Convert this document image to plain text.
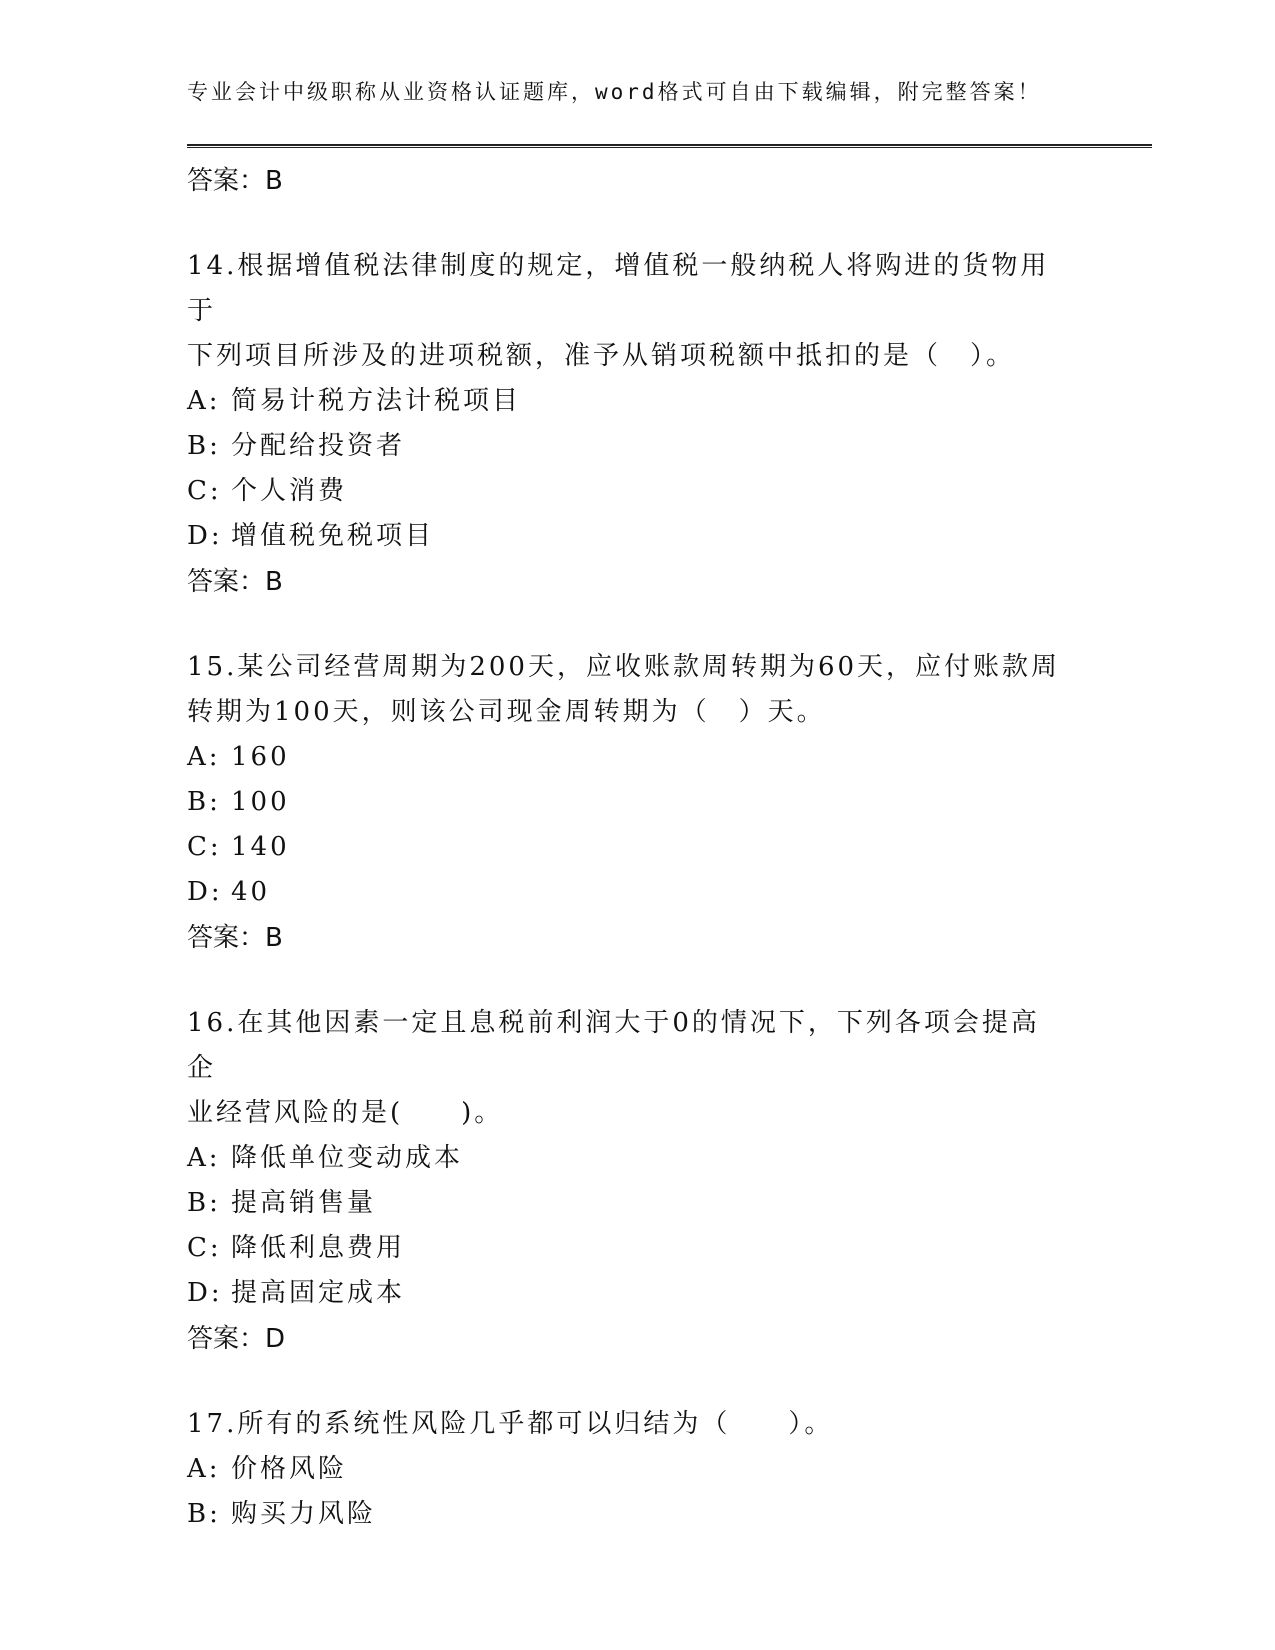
专业会计中级职称从业资格认证题库，word格式可自由下载编辑，附完整答案！
答案：B
14.根据增值税法律制度的规定，增值税一般纳税人将购进的货物用于
下列项目所涉及的进项税额，准予从销项税额中抵扣的是（　）。
A: 简易计税方法计税项目
B: 分配给投资者
C: 个人消费
D: 增值税免税项目
答案：B
15.某公司经营周期为200天，应收账款周转期为60天，应付账款周
转期为100天，则该公司现金周转期为（　）天。
A: 160
B: 100
C: 140
D: 40
答案：B
16.在其他因素一定且息税前利润大于0的情况下，下列各项会提高企
业经营风险的是(　　)。
A: 降低单位变动成本
B: 提高销售量
C: 降低利息费用
D: 提高固定成本
答案：D
17.所有的系统性风险几乎都可以归结为（　　）。
A: 价格风险
B: 购买力风险
